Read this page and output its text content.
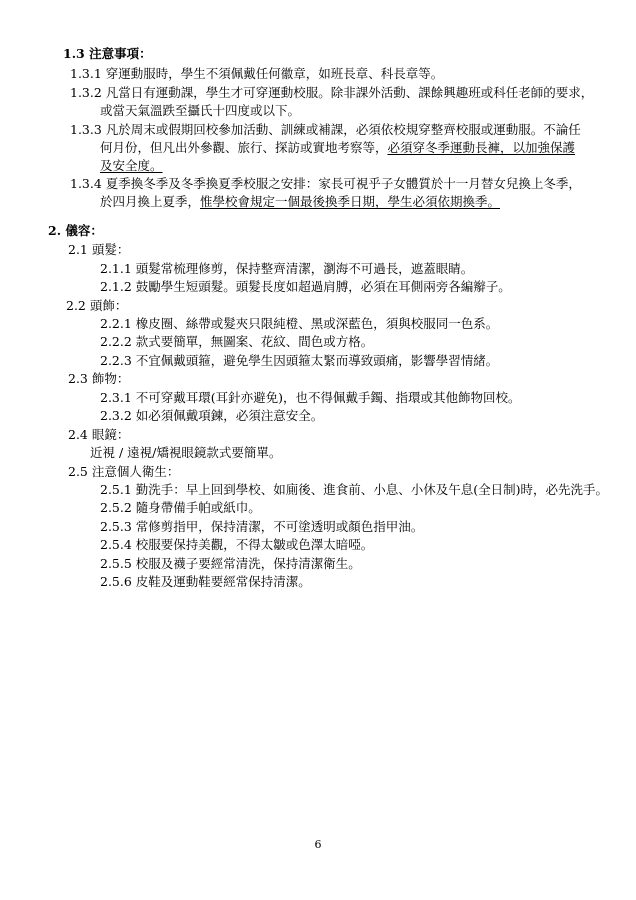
1.3 注意事項：
1.3.1 穿運動服時，學生不須佩戴任何徽章，如班長章、科長章等。
1.3.2 凡當日有運動課，學生才可穿運動校服。除非課外活動、課餘興趣班或科任老師的要求，
或當天氣溫跌至攝氏十四度或以下。
1.3.3 凡於周末或假期回校參加活動、訓練或補課，必須依校規穿整齊校服或運動服。不論任
何月份，但凡出外參觀、旅行、探訪或實地考察等，必須穿冬季運動長褲，以加強保護
及安全度。
1.3.4 夏季換冬季及冬季換夏季校服之安排：家長可視乎子女體質於十一月替女兒換上冬季，
於四月換上夏季，惟學校會規定一個最後換季日期，學生必須依期換季。
2. 儀容：
2.1 頭髮：
2.1.1 頭髮常梳理修剪，保持整齊清潔，瀏海不可過長，遮蓋眼睛。
2.1.2 鼓勵學生短頭髮。頭髮長度如超過肩膊，必須在耳側兩旁各編辮子。
2.2 頭飾：
2.2.1 橡皮圈、絲帶或髮夾只限純橙、黑或深藍色，須與校服同一色系。
2.2.2 款式要簡單，無圖案、花紋、間色或方格。
2.2.3 不宜佩戴頭箍，避免學生因頭箍太緊而導致頭痛，影響學習情緒。
2.3 飾物：
2.3.1 不可穿戴耳環(耳針亦避免)，也不得佩戴手鐲、指環或其他飾物回校。
2.3.2 如必須佩戴項鍊，必須注意安全。
2.4 眼鏡：
近視 / 遠視/矯視眼鏡款式要簡單。
2.5 注意個人衛生：
2.5.1 勤洗手：早上回到學校、如廁後、進食前、小息、小休及午息(全日制)時，必先洗手。
2.5.2 隨身帶備手帕或紙巾。
2.5.3 常修剪指甲，保持清潔，不可塗透明或顏色指甲油。
2.5.4 校服要保持美觀，不得太皺或色澤太暗啞。
2.5.5 校服及襪子要經常清洗，保持清潔衛生。
2.5.6 皮鞋及運動鞋要經常保持清潔。
6
